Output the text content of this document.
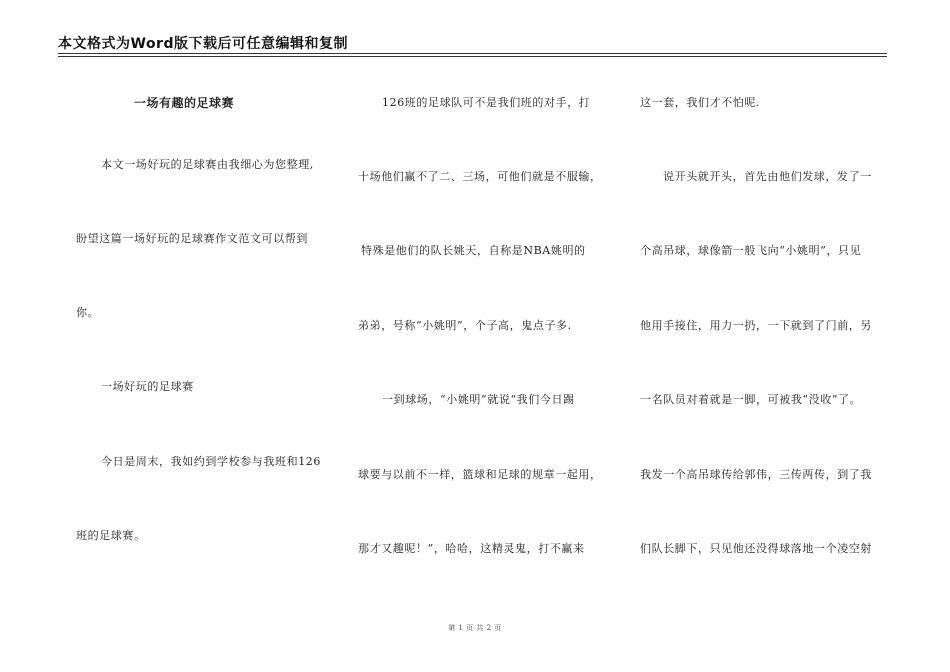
本文格式为Word版下载后可任意编辑和复制
一场有趣的足球赛
本文一场好玩的足球赛由我细心为您整理,
盼望这篇一场好玩的足球赛作文范文可以帮到
你。
一场好玩的足球赛
今日是周末，我如约到学校参与我班和126
班的足球赛。
126班的足球队可不是我们班的对手，打
十场他们赢不了二、三场，可他们就是不服输，
特殊是他们的队长姚天，自称是NBA姚明的
弟弟，号称“小姚明”，个子高，鬼点子多.
一到球场，“小姚明”就说“我们今日踢
球要与以前不一样，篮球和足球的规章一起用，
那才又趣呢！”，哈哈，这精灵鬼，打不赢来
这一套，我们才不怕呢.
说开头就开头，首先由他们发球，发了一
个高吊球，球像箭一般飞向“小姚明”，只见
他用手接住，用力一扔，一下就到了门前，另
一名队员对着就是一脚，可被我“没收”了。
我发一个高吊球传给郭伟，三传两传，到了我
们队长脚下，只见他还没得球落地一个凌空射
第 1 页 共 2 页
